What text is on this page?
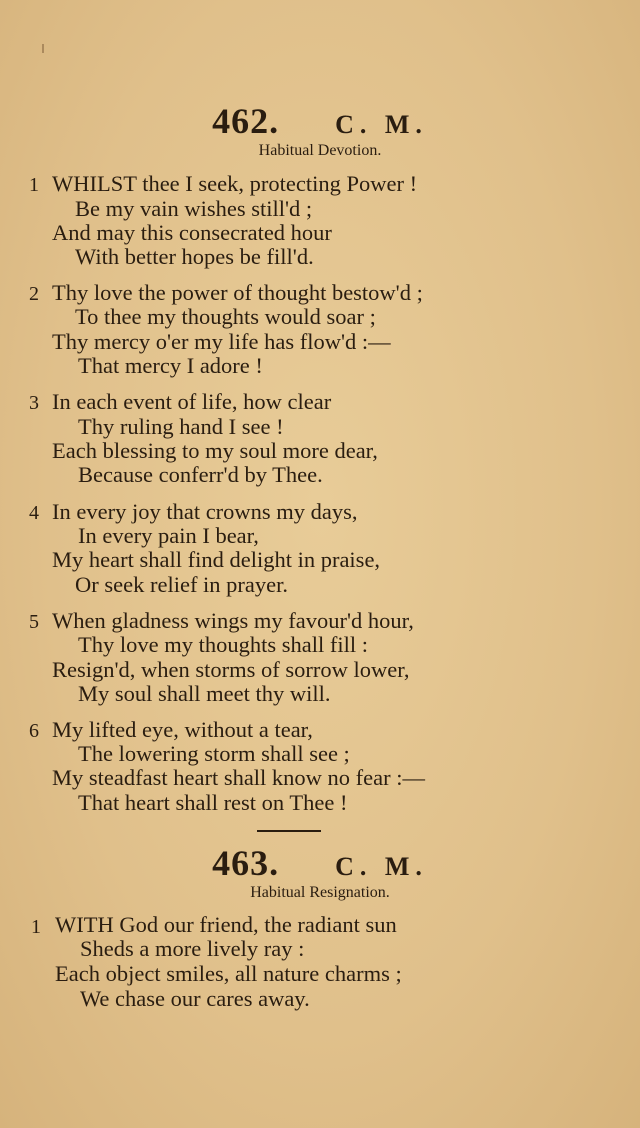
462. C. M.
Habitual Devotion.
1 WHILST thee I seek, protecting Power !
Be my vain wishes still'd ;
And may this consecrated hour
With better hopes be fill'd.
2 Thy love the power of thought bestow'd ;
To thee my thoughts would soar ;
Thy mercy o'er my life has flow'd :—
That mercy I adore !
3 In each event of life, how clear
Thy ruling hand I see !
Each blessing to my soul more dear,
Because conferr'd by Thee.
4 In every joy that crowns my days,
In every pain I bear,
My heart shall find delight in praise,
Or seek relief in prayer.
5 When gladness wings my favour'd hour,
Thy love my thoughts shall fill :
Resign'd, when storms of sorrow lower,
My soul shall meet thy will.
6 My lifted eye, without a tear,
The lowering storm shall see ;
My steadfast heart shall know no fear :—
That heart shall rest on Thee !
463. C. M.
Habitual Resignation.
1 WITH God our friend, the radiant sun
Sheds a more lively ray :
Each object smiles, all nature charms ;
We chase our cares away.
